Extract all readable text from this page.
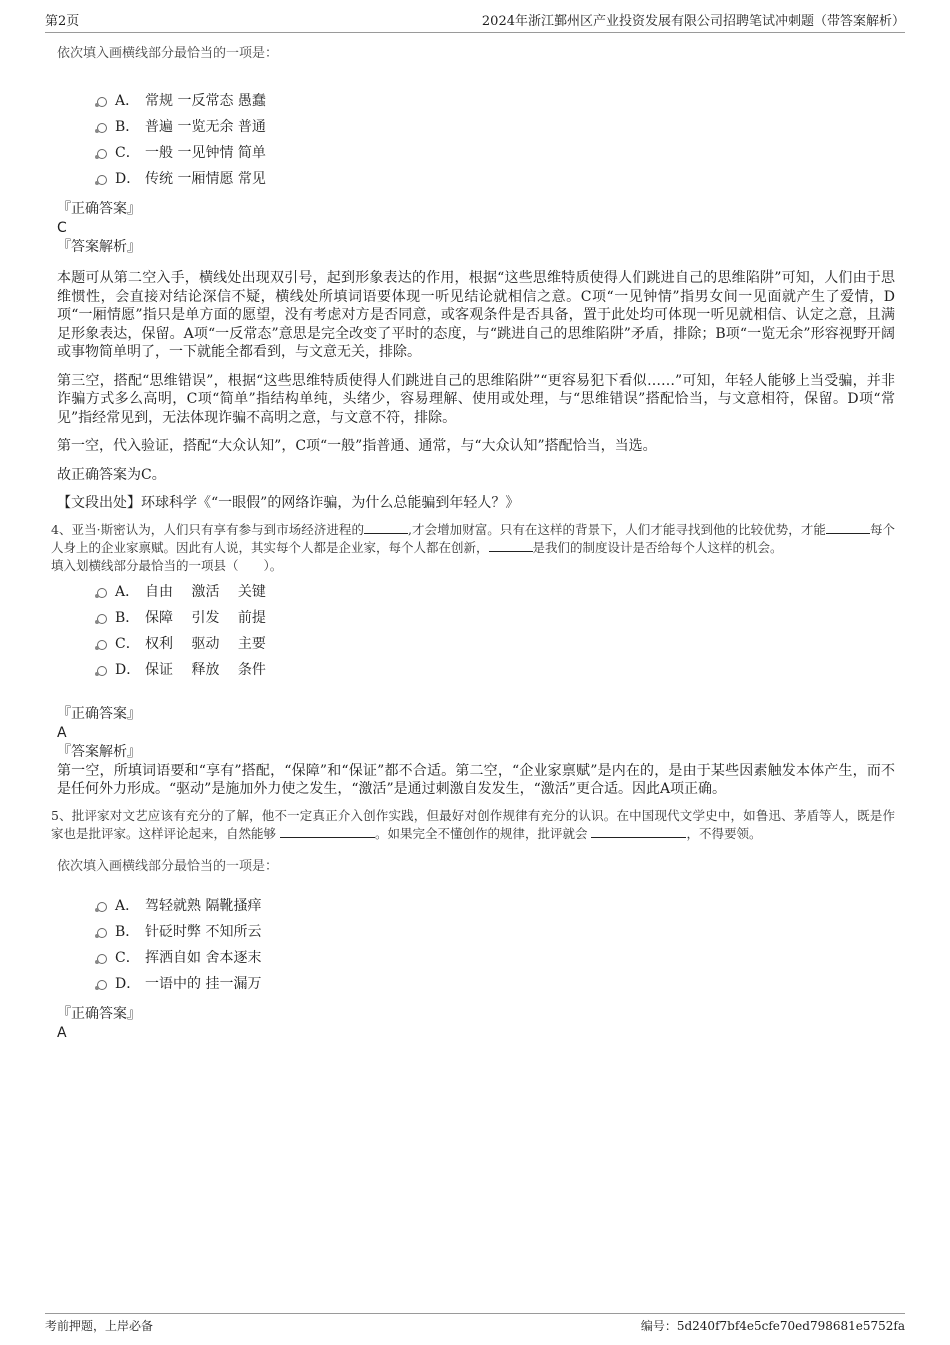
第2页	2024年浙江鄞州区产业投资发展有限公司招聘笔试冲刺题（带答案解析）

依次填入画横线部分最恰当的一项是：

A． 常规 一反常态 愚蠢
B． 普遍 一览无余 普通
C． 一般 一见钟情 简单
D． 传统 一厢情愿 常见

『正确答案』

C

『答案解析』

本题可从第二空入手，横线处出现双引号，起到形象表达的作用，根据“这些思维特质使得人们跳进自己的思维陷阱”可知，人们由于思维惯性，会直接对结论深信不疑，横线处所填词语要体现一听见结论就相信之意。C项“一见钟情”指男女间一见面就产生了爱情，D项“一厢情愿”指只是单方面的愿望，没有考虑对方是否同意，或客观条件是否具备，置于此处均可体现一听见就相信、认定之意，且满足形象表达，保留。A项“一反常态”意思是完全改变了平时的态度，与“跳进自己的思维陷阱”矛盾，排除；B项“一览无余”形容视野开阔或事物简单明了，一下就能全都看到，与文意无关，排除。

第三空，搭配“思维错误”，根据“这些思维特质使得人们跳进自己的思维陷阱”“更容易犯下看似……”可知，年轻人能够上当受骗，并非诈骗方式多么高明，C项“简单”指结构单纯，头绪少，容易理解、使用或处理，与“思维错误”搭配恰当，与文意相符，保留。D项“常见”指经常见到，无法体现诈骗不高明之意，与文意不符，排除。

第一空，代入验证，搭配“大众认知”，C项“一般”指普通、通常，与“大众认知”搭配恰当，当选。

故正确答案为C。

【文段出处】环球科学《“一眼假”的网络诈骗，为什么总能骗到年轻人？》

4、亚当·斯密认为，人们只有享有参与到市场经济进程的	,才会增加财富。只有在这样的背景下，人们才能寻找到他的比较优势，才能	每个人身上的企业家禀赋。因此有人说，其实每个人都是企业家，每个人都在创新，	是我们的制度设计是否给每个人这样的机会。

填入划横线部分最恰当的一项县（　　）。

A． 自由　 激活　 关键
B． 保障　 引发　 前提
C． 权利　 驱动　 主要
D． 保证　 释放　 条件

『正确答案』

A

『答案解析』

第一空，所填词语要和“享有”搭配，“保障”和“保证”都不合适。第二空，“企业家禀赋”是内在的，是由于某些因素触发本体产生，而不是任何外力形成。“驱动”是施加外力使之发生，“激活”是通过刺激自发发生，“激活”更合适。因此A项正确。

5、批评家对文艺应该有充分的了解，他不一定真正介入创作实践，但最好对创作规律有充分的认识。在中国现代文学史中，如鲁迅、茅盾等人，既是作家也是批评家。这样评论起来，自然能够	。如果完全不懂创作的规律，批评就会	，不得要领。

依次填入画横线部分最恰当的一项是：

A． 驾轻就熟 隔靴搔痒
B． 针砭时弊 不知所云
C． 挥洒自如 舍本逐末
D． 一语中的 挂一漏万

『正确答案』

A

考前押题，上岸必备	编号：5d240f7bf4e5cfe70ed798681e5752fa
